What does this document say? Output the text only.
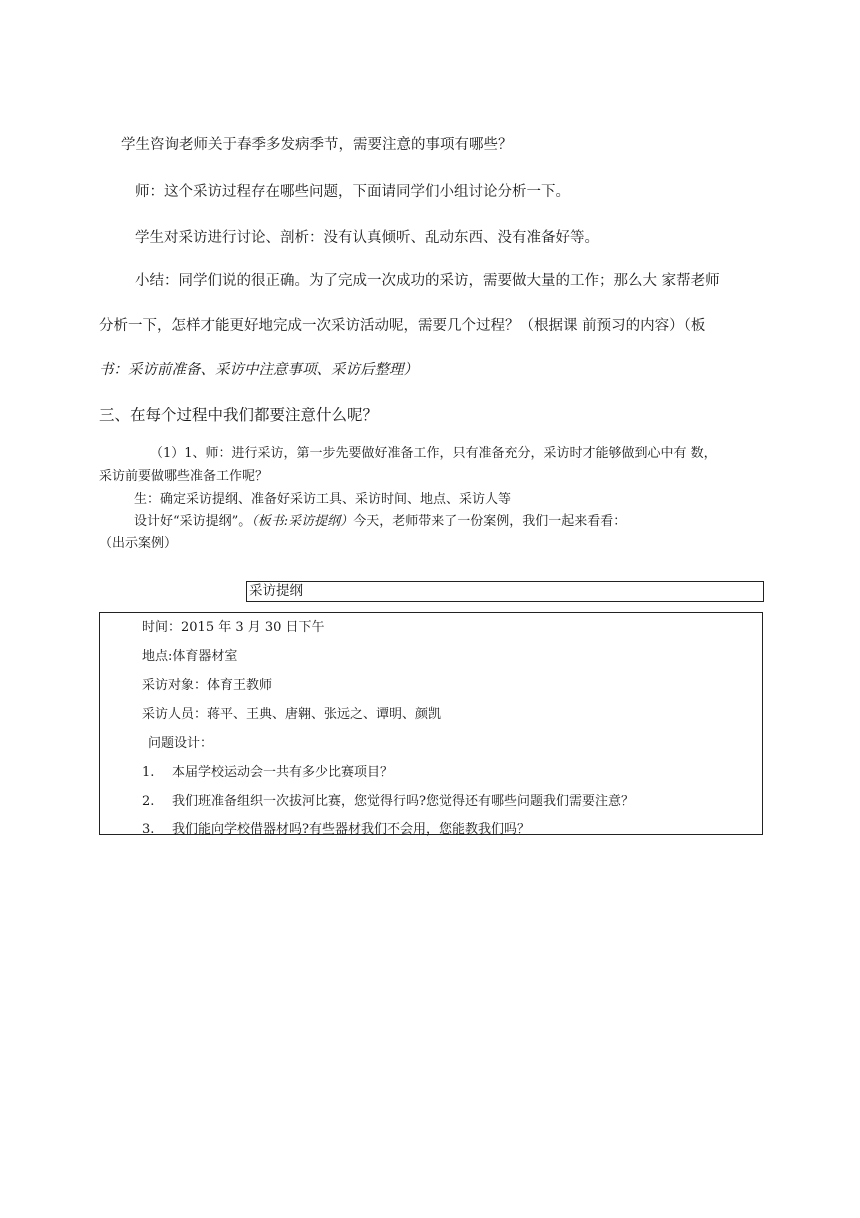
学生咨询老师关于春季多发病季节，需要注意的事项有哪些？
师：这个采访过程存在哪些问题，下面请同学们小组讨论分析一下。
学生对采访进行讨论、剖析：没有认真倾听、乱动东西、没有准备好等。
小结：同学们说的很正确。为了完成一次成功的采访，需要做大量的工作；那么大 家帮老师
分析一下，怎样才能更好地完成一次采访活动呢，需要几个过程？（根据课 前预习的内容）（板
书：采访前准备、采访中注意事项、采访后整理）
三、在每个过程中我们都要注意什么呢？
（1）1、师：进行采访，第一步先要做好准备工作，只有准备充分，采访时才能够做到心中有 数，
采访前要做哪些准备工作呢？
生：确定采访提纲、准备好采访工具、采访时间、地点、采访人等
设计好“采访提纲”。（板书:采访提纲）今天，老师带来了一份案例，我们一起来看看：
（出示案例）
采访提纲
时间：2015 年 3 月 30 日下午
地点:体育器材室
采访对象：体育王教师
采访人员：蒋平、王典、唐翱、张远之、谭明、颜凯
问题设计：
1. 本届学校运动会一共有多少比赛项目？
2. 我们班准备组织一次拔河比赛，您觉得行吗?您觉得还有哪些问题我们需要注意？
3. 我们能向学校借器材吗?有些器材我们不会用，您能教我们吗？
